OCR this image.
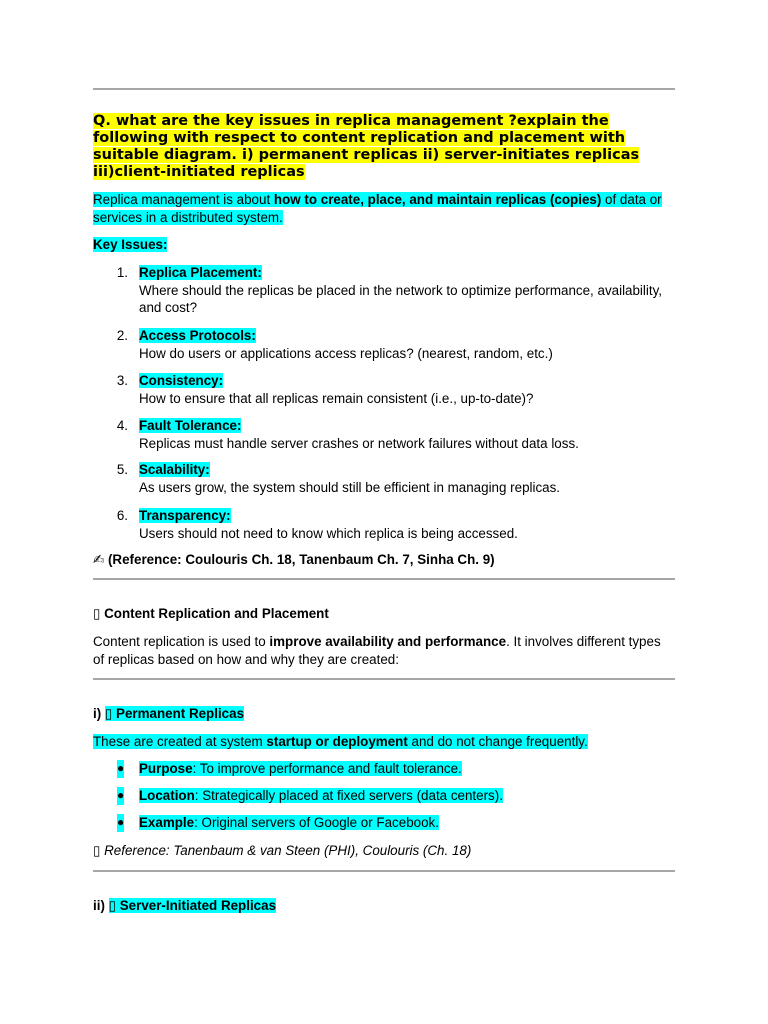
Q. what are the key issues in replica management ?explain the following with respect to content replication and placement with suitable diagram. i) permanent replicas ii) server-initiates replicas iii)client-initiated replicas
Replica management is about how to create, place, and maintain replicas (copies) of data or services in a distributed system.
Key Issues:
1. Replica Placement:
Where should the replicas be placed in the network to optimize performance, availability, and cost?
2. Access Protocols:
How do users or applications access replicas? (nearest, random, etc.)
3. Consistency:
How to ensure that all replicas remain consistent (i.e., up-to-date)?
4. Fault Tolerance:
Replicas must handle server crashes or network failures without data loss.
5. Scalability:
As users grow, the system should still be efficient in managing replicas.
6. Transparency:
Users should not need to know which replica is being accessed.
✍ (Reference: Coulouris Ch. 18, Tanenbaum Ch. 7, Sinha Ch. 9)
▯ Content Replication and Placement
Content replication is used to improve availability and performance. It involves different types of replicas based on how and why they are created:
i) ▯ Permanent Replicas
These are created at system startup or deployment and do not change frequently.
● Purpose: To improve performance and fault tolerance.
● Location: Strategically placed at fixed servers (data centers).
● Example: Original servers of Google or Facebook.
▯ Reference: Tanenbaum & van Steen (PHI), Coulouris (Ch. 18)
ii) ▯ Server-Initiated Replicas
